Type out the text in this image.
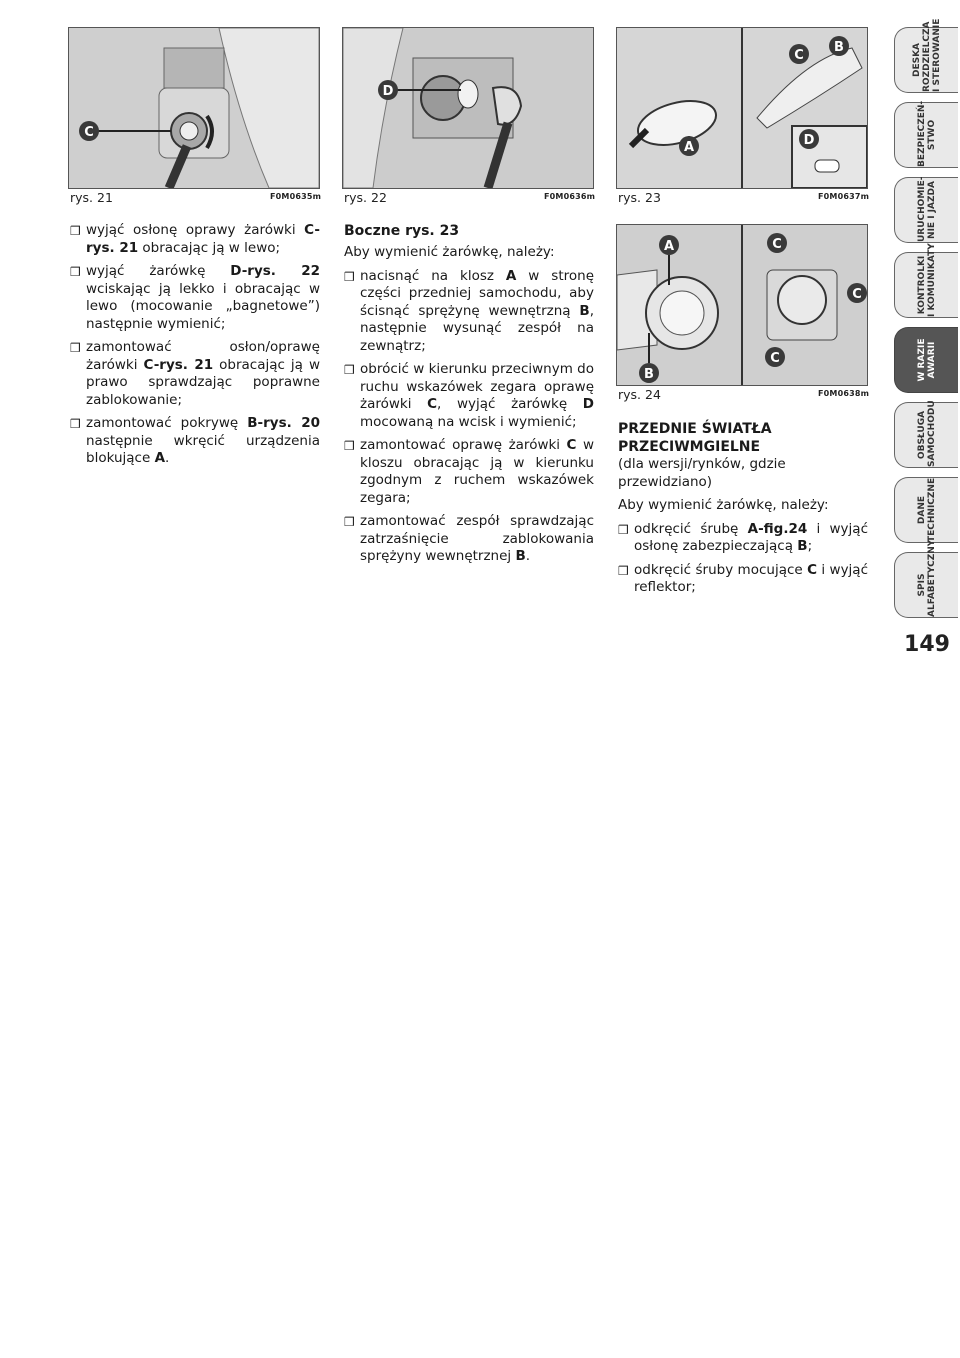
C
rys. 21	F0M0635m
D
rys. 22	F0M0636m
A
C
B
D
rys. 23	F0M0637m
A
B
C
C
C
rys. 24	F0M0638m
❒ wyjąć osłonę oprawy żarówki C-rys. 21 obracając ją w lewo;
❒ wyjąć żarówkę D-rys. 22 wciskając ją lekko i obracając w lewo (mocowanie „bagnetowe”) następnie wymienić;
❒ zamontować osłon/oprawę żarówki C-rys. 21 obracając ją w prawo sprawdzając poprawne zablokowanie;
❒ zamontować pokrywę B-rys. 20 następnie wkręcić urządzenia blokujące A.
Boczne rys. 23

Aby wymienić żarówkę, należy:

❒ nacisnąć na klosz A w stronę części przedniej samochodu, aby ścisnąć sprężynę wewnętrzną B, następnie wysunąć zespół na zewnątrz;
❒ obrócić w kierunku przeciwnym do ruchu wskazówek zegara oprawę żarówki C, wyjąć żarówkę D mocowaną na wcisk i wymienić;
❒ zamontować oprawę żarówki C w kloszu obracając ją w kierunku zgodnym z ruchem wskazówek zegara;
❒ zamontować zespół sprawdzając zatrzaśnięcie zablokowania sprężyny wewnętrznej B.
PRZEDNIE ŚWIATŁA
PRZECIWMGIELNE

(dla wersji/rynków, gdzie przewidziano)

Aby wymienić żarówkę, należy:

❒ odkręcić śrubę A-fig.24 i wyjąć osłonę zabezpieczającą B;
❒ odkręcić śruby mocujące C i wyjąć reflektor;
DESKA
ROZDZIELCZA
I STEROWANIE
BEZPIECZEŃ-
STWO
URUCHOMIE-
NIE I JAZDA
KONTROLKI
I KOMUNIKATY
W RAZIE
AWARII
OBSŁUGA
SAMOCHODU
DANE
TECHNICZNE
SPIS
ALFABETYCZNY
149
